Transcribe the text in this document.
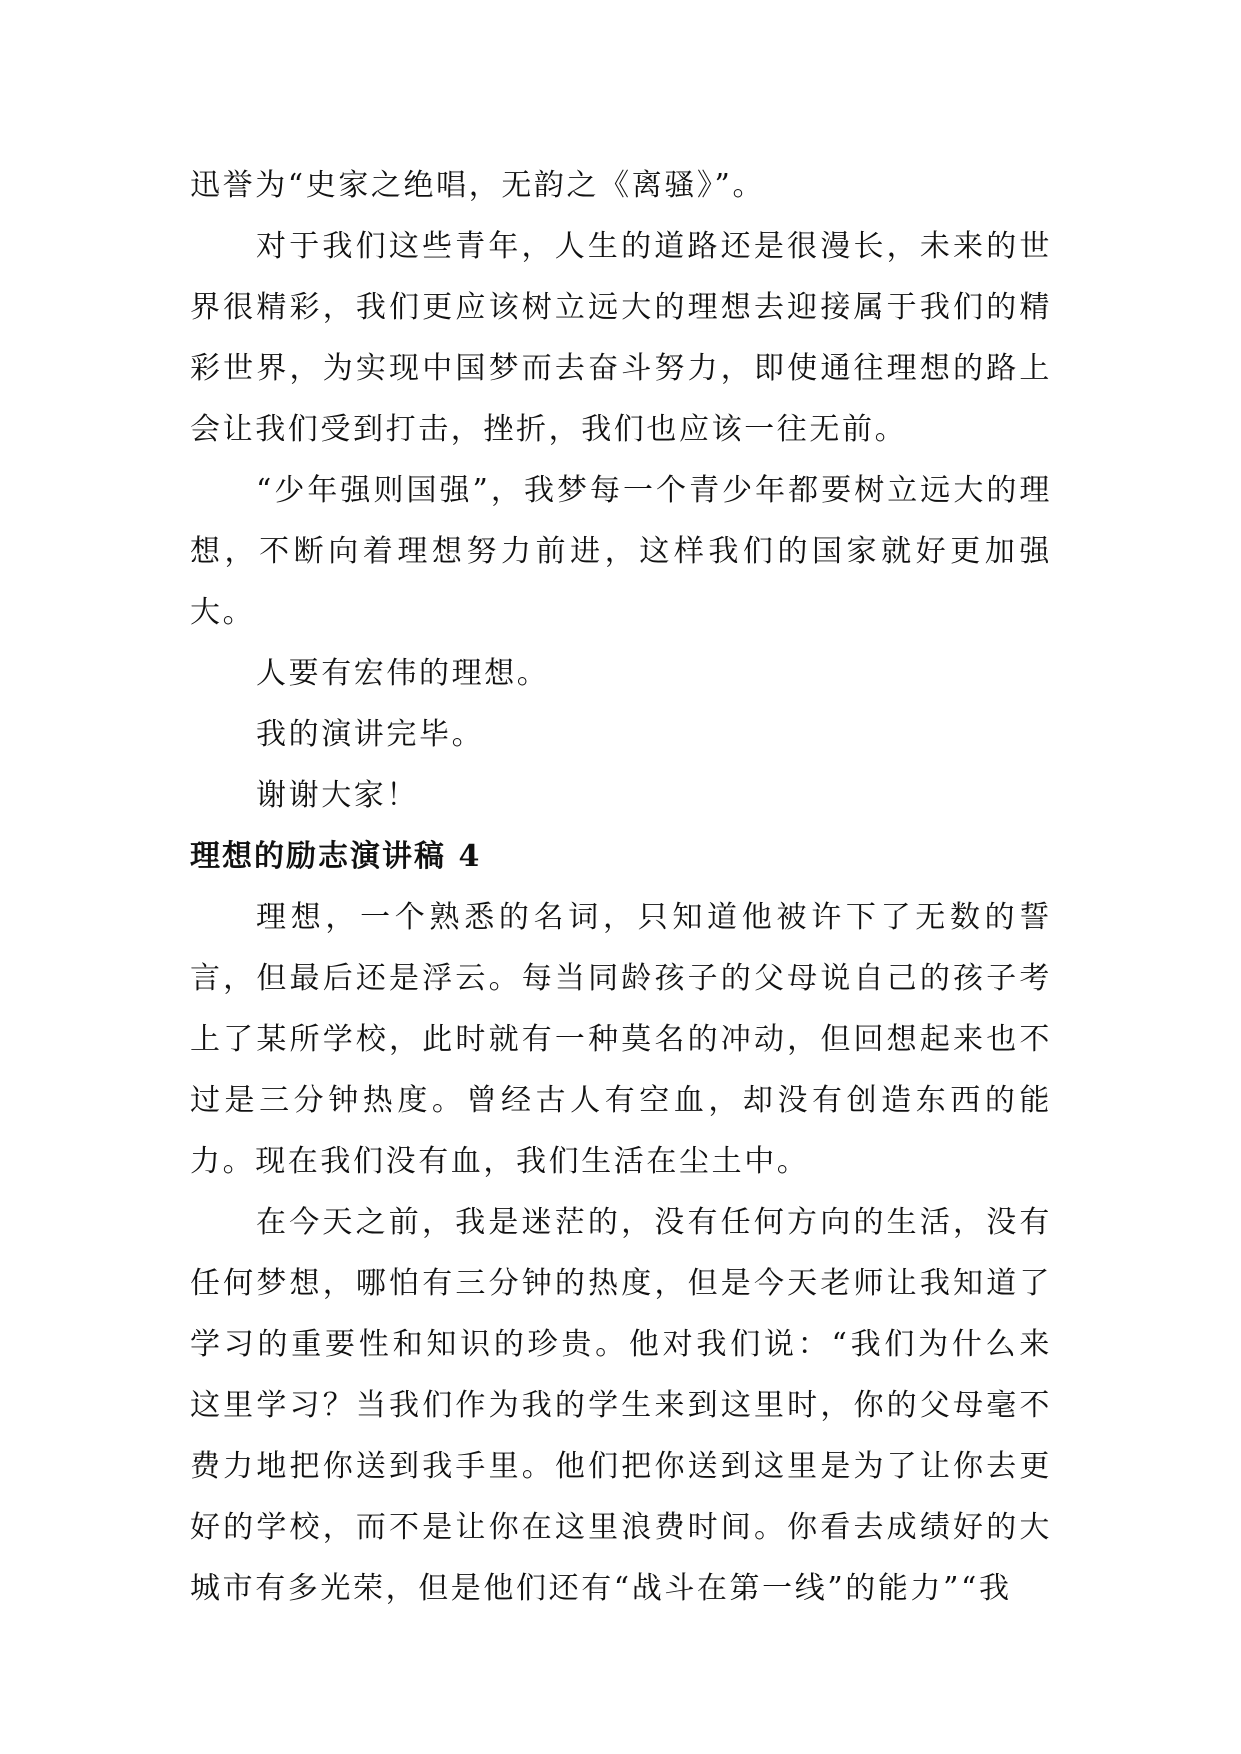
迅誉为“史家之绝唱，无韵之《离骚》”。

对于我们这些青年，人生的道路还是很漫长，未来的世界很精彩，我们更应该树立远大的理想去迎接属于我们的精彩世界，为实现中国梦而去奋斗努力，即使通往理想的路上会让我们受到打击，挫折，我们也应该一往无前。

“少年强则国强”，我梦每一个青少年都要树立远大的理想，不断向着理想努力前进，这样我们的国家就好更加强大。

人要有宏伟的理想。

我的演讲完毕。

谢谢大家！

理想的励志演讲稿 4

理想，一个熟悉的名词，只知道他被许下了无数的誓言，但最后还是浮云。每当同龄孩子的父母说自己的孩子考上了某所学校，此时就有一种莫名的冲动，但回想起来也不过是三分钟热度。曾经古人有空血，却没有创造东西的能力。现在我们没有血，我们生活在尘土中。

在今天之前，我是迷茫的，没有任何方向的生活，没有任何梦想，哪怕有三分钟的热度，但是今天老师让我知道了学习的重要性和知识的珍贵。他对我们说：“我们为什么来这里学习？当我们作为我的学生来到这里时，你的父母毫不费力地把你送到我手里。他们把你送到这里是为了让你去更好的学校，而不是让你在这里浪费时间。你看去成绩好的大城市有多光荣，但是他们还有“战斗在第一线”的能力”“我
